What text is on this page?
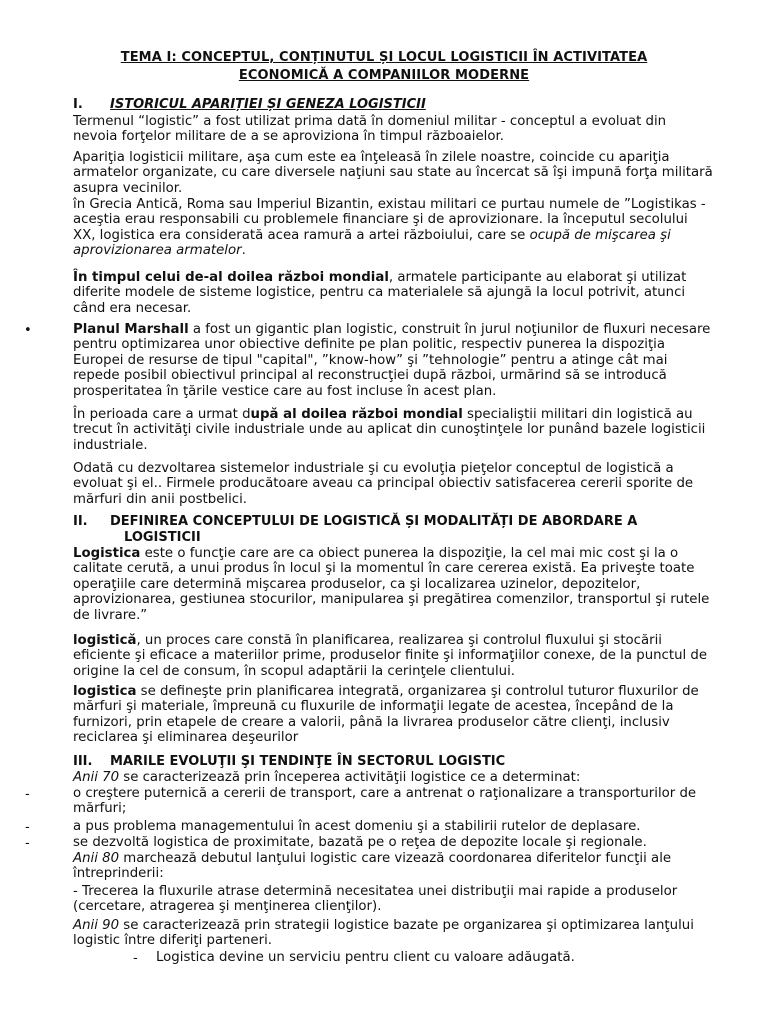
TEMA I: CONCEPTUL, CONȚINUTUL ȘI LOCUL LOGISTICII ÎN ACTIVITATEA
ECONOMICĂ A COMPANIILOR MODERNE
I. ISTORICUL APARIȚIEI ȘI GENEZA LOGISTICII
Termenul “logistic” a fost utilizat prima dată în domeniul militar - conceptul a evoluat din nevoia forţelor militare de a se aproviziona în timpul războaielor.
Apariţia logisticii militare, aşa cum este ea înţeleasă în zilele noastre, coincide cu apariţia armatelor organizate, cu care diversele naţiuni sau state au încercat să îşi impună forţa militară asupra vecinilor.
în Grecia Antică, Roma sau Imperiul Bizantin, existau militari ce purtau numele de ”Logistikas - aceştia erau responsabili cu problemele financiare şi de aprovizionare. la începutul secolului XX, logistica era considerată acea ramură a artei războiului, care se ocupă de mişcarea şi aprovizionarea armatelor.
În timpul celui de-al doilea război mondial, armatele participante au elaborat şi utilizat diferite modele de sisteme logistice, pentru ca materialele să ajungă la locul potrivit, atunci când era necesar.
•	Planul Marshall a fost un gigantic plan logistic, construit în jurul noţiunilor de fluxuri necesare pentru optimizarea unor obiective definite pe plan politic, respectiv punerea la dispoziţia Europei de resurse de tipul "capital", ”know-how” şi ”tehnologie” pentru a atinge cât mai repede posibil obiectivul principal al reconstrucţiei după război, urmărind să se introducă prosperitatea în ţările vestice care au fost incluse în acest plan.
În perioada care a urmat după al doilea război mondial specialiştii militari din logistică au trecut în activităţi civile industriale unde au aplicat din cunoştinţele lor punând bazele logisticii industriale.
Odată cu dezvoltarea sistemelor industriale şi cu evoluţia pieţelor conceptul de logistică a evoluat şi el.. Firmele producătoare aveau ca principal obiectiv satisfacerea cererii sporite de mărfuri din anii postbelici.
II. DEFINIREA CONCEPTULUI DE LOGISTICĂ ȘI MODALITĂȚI DE ABORDARE A
LOGISTICII
Logistica este o funcţie care are ca obiect punerea la dispoziţie, la cel mai mic cost şi la o calitate cerută, a unui produs în locul şi la momentul în care cererea există. Ea priveşte toate operaţiile care determină mişcarea produselor, ca şi localizarea uzinelor, depozitelor, aprovizionarea, gestiunea stocurilor, manipularea şi pregătirea comenzilor, transportul şi rutele de livrare.”
logistică, un proces care constă în planificarea, realizarea şi controlul fluxului şi stocării eficiente şi eficace a materiilor prime, produselor finite şi informaţiilor conexe, de la punctul de origine la cel de consum, în scopul adaptării la cerinţele clientului.
logistica se defineşte prin planificarea integrată, organizarea şi controlul tuturor fluxurilor de mărfuri şi materiale, împreună cu fluxurile de informaţii legate de acestea, începând de la furnizori, prin etapele de creare a valorii, până la livrarea produselor către clienţi, inclusiv reciclarea şi eliminarea deşeurilor
III. MARILE EVOLUŢII ŞI TENDINŢE ÎN SECTORUL LOGISTIC
Anii 70 se caracterizează prin începerea activităţii logistice ce a determinat:
-	o creştere puternică a cererii de transport, care a antrenat o raţionalizare a transporturilor de mărfuri;
-	a pus problema managementului în acest domeniu şi a stabilirii rutelor de deplasare.
-	se dezvoltă logistica de proximitate, bazată pe o reţea de depozite locale şi regionale.
Anii 80 marchează debutul lanţului logistic care vizează coordonarea diferitelor funcţii ale întreprinderii:
- Trecerea la fluxurile atrase determină necesitatea unei distribuţii mai rapide a produselor (cercetare, atragerea şi menţinerea clienţilor).
Anii 90 se caracterizează prin strategii logistice bazate pe organizarea şi optimizarea lanţului logistic între diferiţi parteneri.
- Logistica devine un serviciu pentru client cu valoare adăugată.
